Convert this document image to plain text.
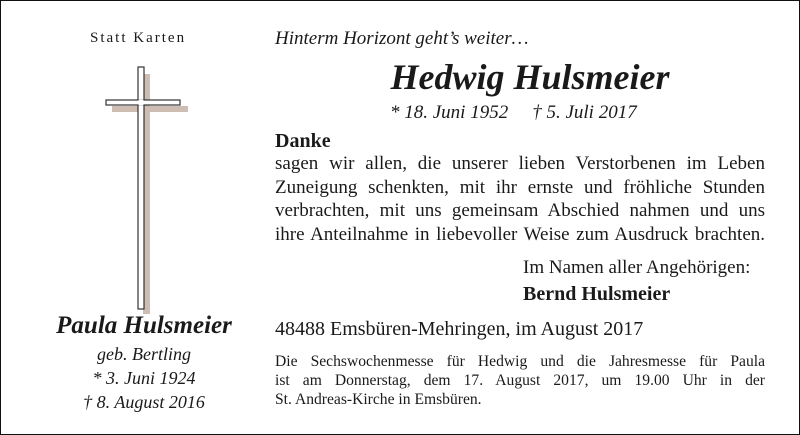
Statt Karten
Paula Hulsmeier
geb. Bertling
* 3. Juni 1924
† 8. August 2016
Hinterm Horizont geht’s weiter…
Hedwig Hulsmeier
* 18. Juni 1952 † 5. Juli 2017
Danke
sagen wir allen, die unserer lieben Verstorbenen im Leben
Zuneigung schenkten, mit ihr ernste und fröhliche Stunden
verbrachten, mit uns gemeinsam Abschied nahmen und uns
ihre Anteilnahme in liebevoller Weise zum Ausdruck brachten.
Im Namen aller Angehörigen:
Bernd Hulsmeier
48488 Emsbüren-Mehringen, im August 2017
Die Sechswochenmesse für Hedwig und die Jahresmesse für Paula
ist am Donnerstag, dem 17. August 2017, um 19.00 Uhr in der
St. Andreas-Kirche in Emsbüren.
